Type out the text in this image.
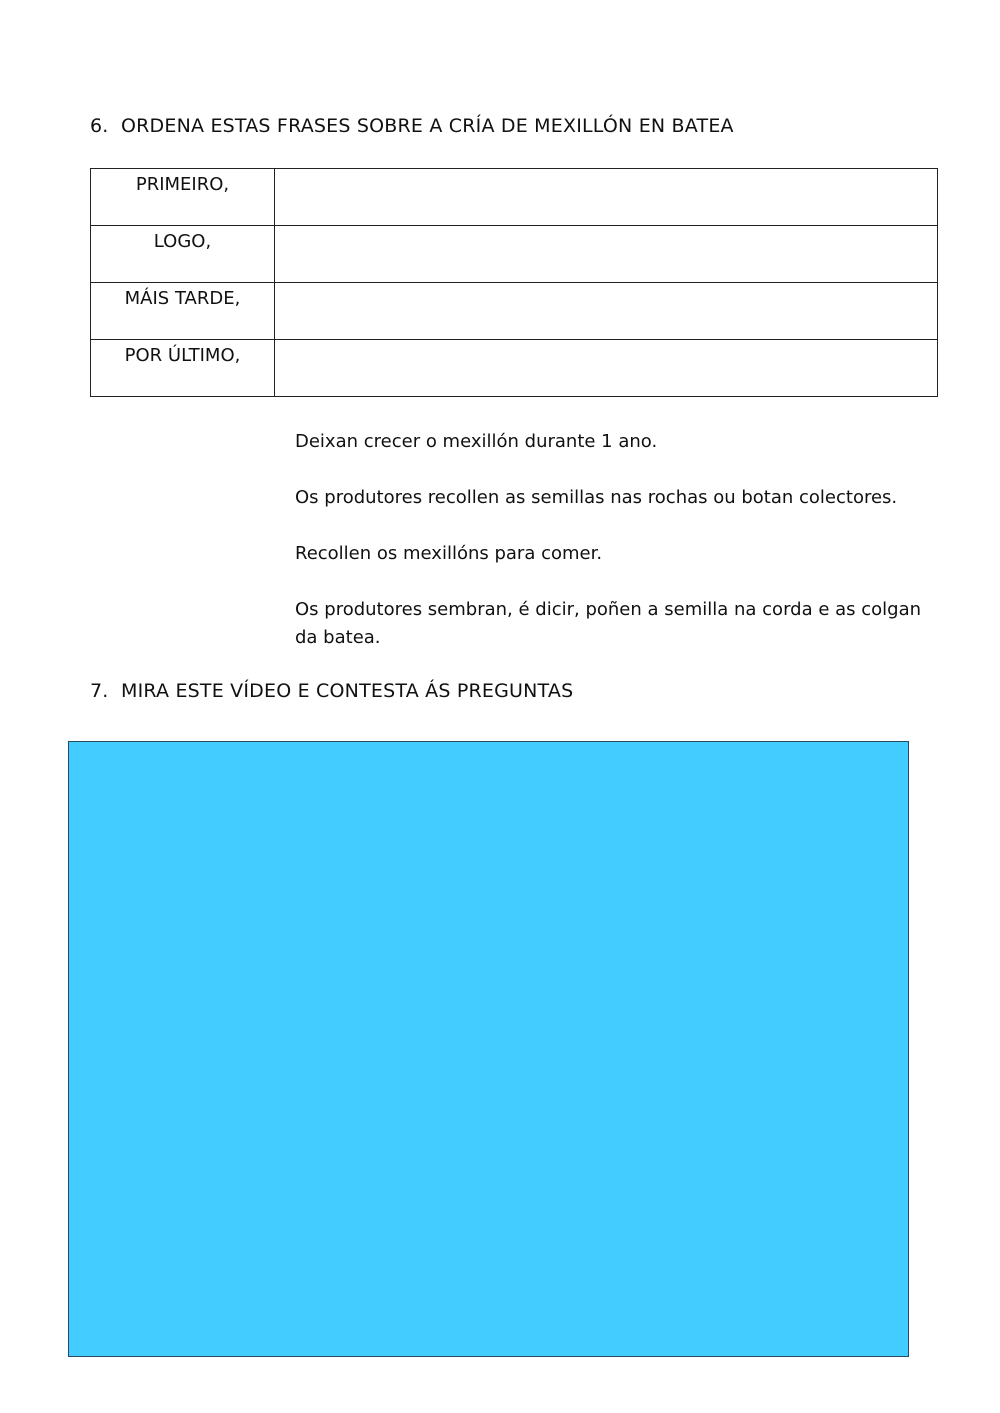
6. ORDENA ESTAS FRASES SOBRE A CRÍA DE MEXILLÓN EN BATEA
PRIMEIRO,	
LOGO,	
MÁIS TARDE,	
POR ÚLTIMO,	
Deixan crecer o mexillón durante 1 ano.
Os produtores recollen as semillas nas rochas ou botan colectores.
Recollen os mexillóns para comer.
Os produtores sembran, é dicir, poñen a semilla na corda e as colgan da batea.
7. MIRA ESTE VÍDEO E CONTESTA ÁS PREGUNTAS
